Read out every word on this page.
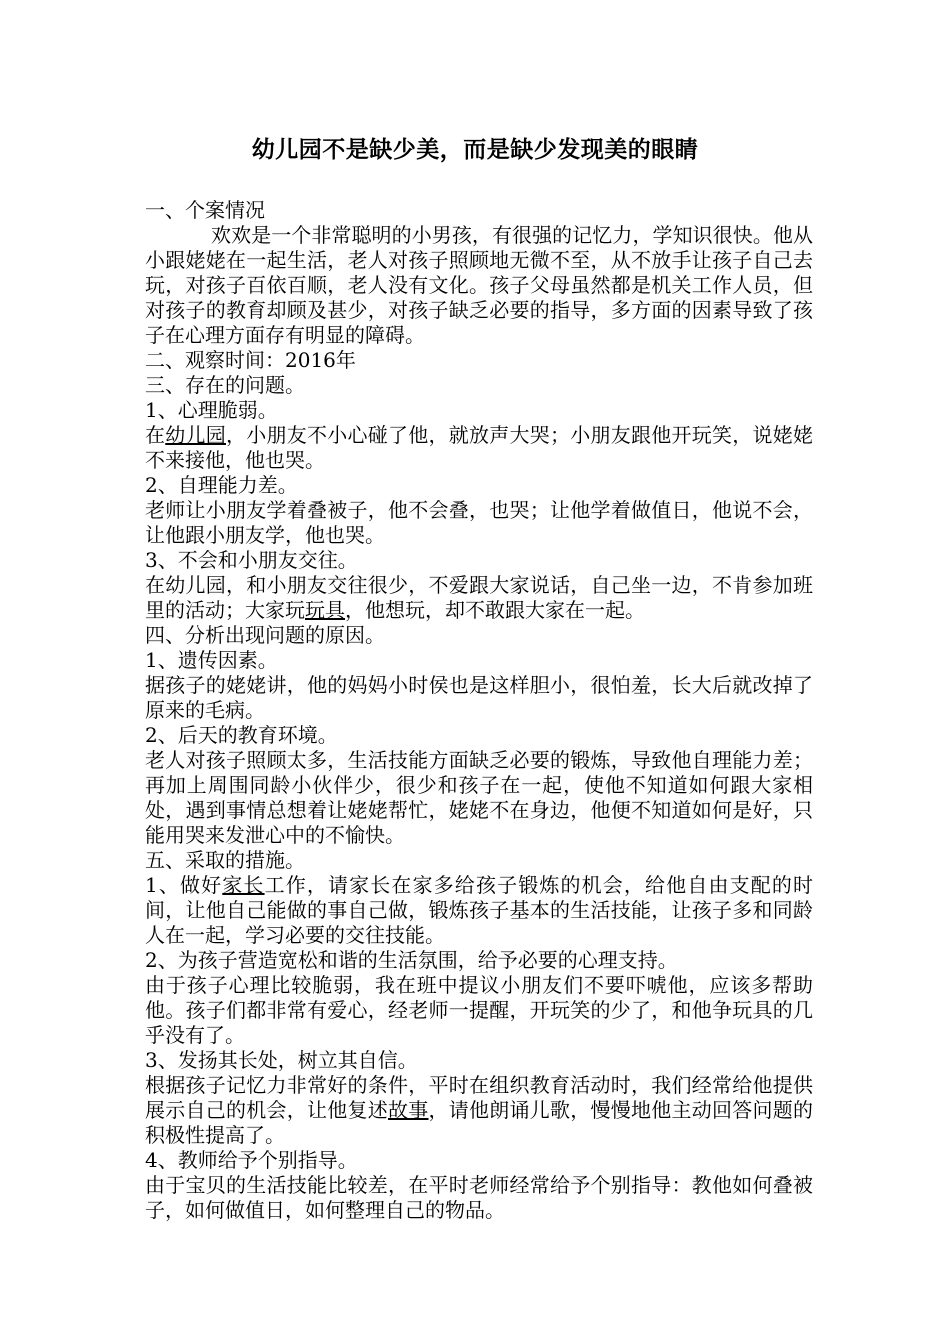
幼儿园不是缺少美，而是缺少发现美的眼睛

一、个案情况

欢欢是一个非常聪明的小男孩，有很强的记忆力，学知识很快。他从小跟姥姥在一起生活，老人对孩子照顾地无微不至，从不放手让孩子自己去玩，对孩子百依百顺，老人没有文化。孩子父母虽然都是机关工作人员，但对孩子的教育却顾及甚少，对孩子缺乏必要的指导，多方面的因素导致了孩子在心理方面存有明显的障碍。

二、观察时间：2016年

三、存在的问题。

1、心理脆弱。

在幼儿园，小朋友不小心碰了他，就放声大哭；小朋友跟他开玩笑，说姥姥不来接他，他也哭。

2、自理能力差。

老师让小朋友学着叠被子，他不会叠，也哭；让他学着做值日，他说不会，让他跟小朋友学，他也哭。

3、不会和小朋友交往。

在幼儿园，和小朋友交往很少，不爱跟大家说话，自己坐一边，不肯参加班里的活动；大家玩玩具，他想玩，却不敢跟大家在一起。

四、分析出现问题的原因。

1、遗传因素。

据孩子的姥姥讲，他的妈妈小时侯也是这样胆小，很怕羞，长大后就改掉了原来的毛病。

2、后天的教育环境。

老人对孩子照顾太多，生活技能方面缺乏必要的锻炼，导致他自理能力差；再加上周围同龄小伙伴少，很少和孩子在一起，使他不知道如何跟大家相处，遇到事情总想着让姥姥帮忙，姥姥不在身边，他便不知道如何是好，只能用哭来发泄心中的不愉快。

五、采取的措施。

1、做好家长工作，请家长在家多给孩子锻炼的机会，给他自由支配的时间，让他自己能做的事自己做，锻炼孩子基本的生活技能，让孩子多和同龄人在一起，学习必要的交往技能。

2、为孩子营造宽松和谐的生活氛围，给予必要的心理支持。

由于孩子心理比较脆弱，我在班中提议小朋友们不要吓唬他，应该多帮助他。孩子们都非常有爱心，经老师一提醒，开玩笑的少了，和他争玩具的几乎没有了。

3、发扬其长处，树立其自信。

根据孩子记忆力非常好的条件，平时在组织教育活动时，我们经常给他提供展示自己的机会，让他复述故事，请他朗诵儿歌，慢慢地他主动回答问题的积极性提高了。

4、教师给予个别指导。

由于宝贝的生活技能比较差，在平时老师经常给予个别指导：教他如何叠被子，如何做值日，如何整理自己的物品。
